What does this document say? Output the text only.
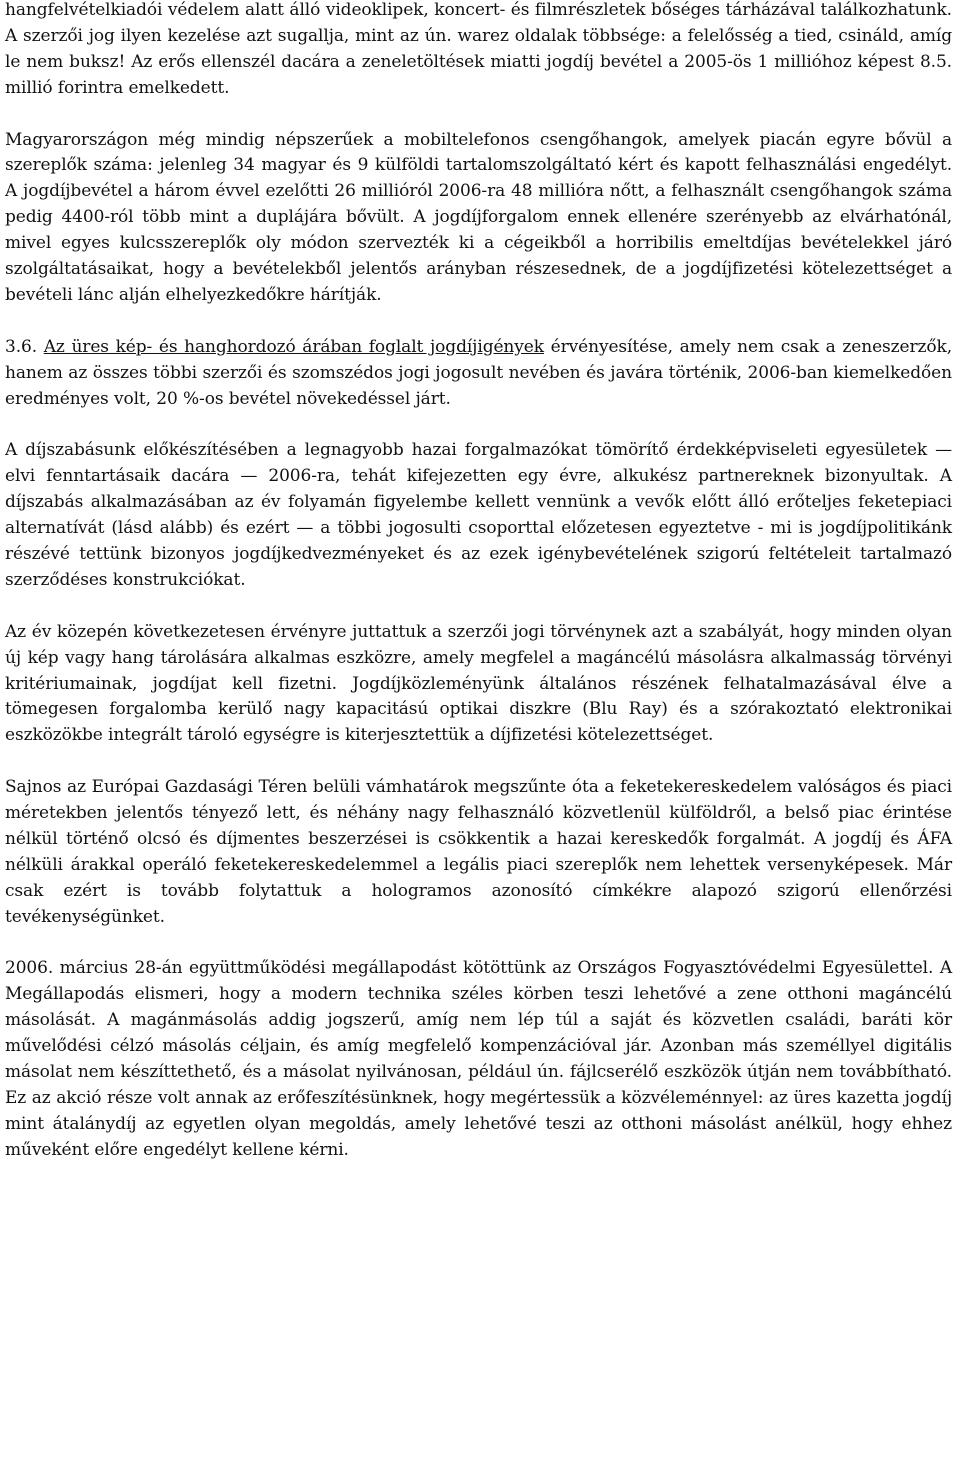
hangfelvételkiadói védelem alatt álló videoklipek, koncert- és filmrészletek bőséges tárházával találkozhatunk. A szerzői jog ilyen kezelése azt sugallja, mint az ún. warez oldalak többsége: a felelősség a tied, csináld, amíg le nem buksz! Az erős ellenszél dacára a zeneletöltések miatti jogdíj bevétel a 2005-ös 1 millióhoz képest 8.5. millió forintra emelkedett.

Magyarországon még mindig népszerűek a mobiltelefonos csengőhangok, amelyek piacán egyre bővül a szereplők száma: jelenleg 34 magyar és 9 külföldi tartalomszolgáltató kért és kapott felhasználási engedélyt. A jogdíjbevétel a három évvel ezelőtti 26 millióról 2006-ra 48 millióra nőtt, a felhasznált csengőhangok száma pedig 4400-ról több mint a duplájára bővült. A jogdíjforgalom ennek ellenére szerényebb az elvárhatónál, mivel egyes kulcsszereplők oly módon szervezték ki a cégeikből a horribilis emeltdíjas bevételekkel járó szolgáltatásaikat, hogy a bevételekből jelentős arányban részesednek, de a jogdíjfizetési kötelezettséget a bevételi lánc alján elhelyezkedőkre hárítják.

3.6. Az üres kép- és hanghordozó árában foglalt jogdíjigények érvényesítése, amely nem csak a zeneszerzők, hanem az összes többi szerzői és szomszédos jogi jogosult nevében és javára történik, 2006-ban kiemelkedően eredményes volt, 20 %-os bevétel növekedéssel járt.

A díjszabásunk előkészítésében a legnagyobb hazai forgalmazókat tömörítő érdekképviseleti egyesületek — elvi fenntartásaik dacára — 2006-ra, tehát kifejezetten egy évre, alkukész partnereknek bizonyultak. A díjszabás alkalmazásában az év folyamán figyelembe kellett vennünk a vevők előtt álló erőteljes feketepiaci alternatívát (lásd alább) és ezért — a többi jogosulti csoporttal előzetesen egyeztetve - mi is jogdíjpolitikánk részévé tettünk bizonyos jogdíjkedvezményeket és az ezek igénybevételének szigorú feltételeit tartalmazó szerződéses konstrukciókat.

Az év közepén következetesen érvényre juttattuk a szerzői jogi törvénynek azt a szabályát, hogy minden olyan új kép vagy hang tárolására alkalmas eszközre, amely megfelel a magáncélú másolásra alkalmasság törvényi kritériumainak, jogdíjat kell fizetni. Jogdíjközleményünk általános részének felhatalmazásával élve a tömegesen forgalomba kerülő nagy kapacitású optikai diszkre (Blu Ray) és a szórakoztató elektronikai eszközökbe integrált tároló egységre is kiterjesztettük a díjfizetési kötelezettséget.

Sajnos az Európai Gazdasági Téren belüli vámhatárok megszűnte óta a feketekereskedelem valóságos és piaci méretekben jelentős tényező lett, és néhány nagy felhasználó közvetlenül külföldről, a belső piac érintése nélkül történő olcsó és díjmentes beszerzései is csökkentik a hazai kereskedők forgalmát. A jogdíj és ÁFA nélküli árakkal operáló feketekereskedelemmel a legális piaci szereplők nem lehettek versenyképesek. Már csak ezért is tovább folytattuk a hologramos azonosító címkékre alapozó szigorú ellenőrzési tevékenységünket.

2006. március 28-án együttműködési megállapodást kötöttünk az Országos Fogyasztóvédelmi Egyesülettel. A Megállapodás elismeri, hogy a modern technika széles körben teszi lehetővé a zene otthoni magáncélú másolását. A magánmásolás addig jogszerű, amíg nem lép túl a saját és közvetlen családi, baráti kör művelődési célzó másolás céljain, és amíg megfelelő kompenzációval jár. Azonban más személlyel digitális másolat nem készíttethető, és a másolat nyilvánosan, például ún. fájlcserélő eszközök útján nem továbbítható. Ez az akció része volt annak az erőfeszítésünknek, hogy megértessük a közvéleménnyel: az üres kazetta jogdíj mint átalánydíj az egyetlen olyan megoldás, amely lehetővé teszi az otthoni másolást anélkül, hogy ehhez műveként előre engedélyt kellene kérni.
